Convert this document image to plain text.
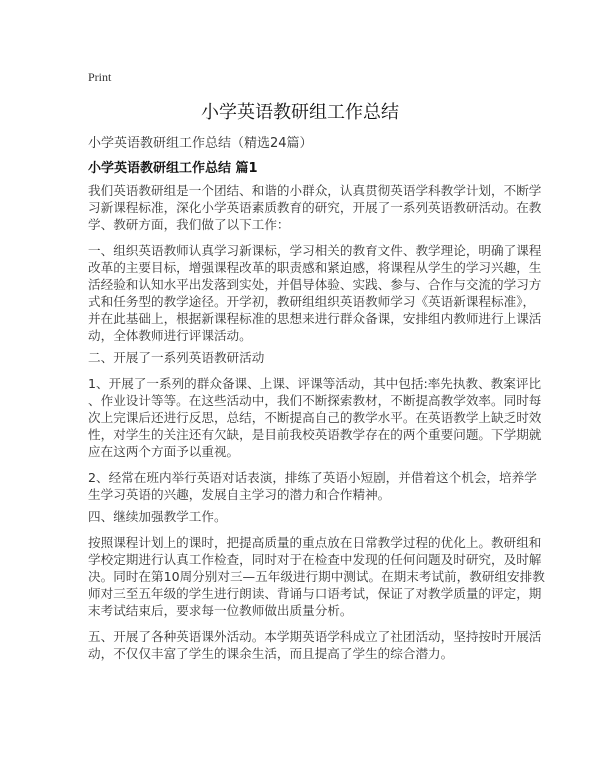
Print
小学英语教研组工作总结
小学英语教研组工作总结（精选24篇）
小学英语教研组工作总结 篇1
我们英语教研组是一个团结、和谐的小群众，认真贯彻英语学科教学计划，不断学
习新课程标准，深化小学英语素质教育的研究，开展了一系列英语教研活动。在教
学、教研方面，我们做了以下工作：
一、组织英语教师认真学习新课标，学习相关的教育文件、教学理论，明确了课程
改革的主要目标，增强课程改革的职责感和紧迫感，将课程从学生的学习兴趣，生
活经验和认知水平出发落到实处，并倡导体验、实践、参与、合作与交流的学习方
式和任务型的教学途径。开学初，教研组组织英语教师学习《英语新课程标准》，
并在此基础上，根据新课程标准的思想来进行群众备课，安排组内教师进行上课活
动，全体教师进行评课活动。
二、开展了一系列英语教研活动
1、开展了一系列的群众备课、上课、评课等活动，其中包括:率先执教、教案评比
、作业设计等等。在这些活动中，我们不断探索教材，不断提高教学效率。同时每
次上完课后还进行反思，总结，不断提高自己的教学水平。在英语教学上缺乏时效
性，对学生的关注还有欠缺，是目前我校英语教学存在的两个重要问题。下学期就
应在这两个方面予以重视。
2、经常在班内举行英语对话表演，排练了英语小短剧，并借着这个机会，培养学
生学习英语的兴趣，发展自主学习的潜力和合作精神。
四、继续加强教学工作。
按照课程计划上的课时，把提高质量的重点放在日常教学过程的优化上。教研组和
学校定期进行认真工作检查，同时对于在检查中发现的任何问题及时研究，及时解
决。同时在第10周分别对三—五年级进行期中测试。在期末考试前，教研组安排教
师对三至五年级的学生进行朗读、背诵与口语考试，保证了对教学质量的评定，期
末考试结束后，要求每一位教师做出质量分析。
五、开展了各种英语课外活动。本学期英语学科成立了社团活动，坚持按时开展活
动，不仅仅丰富了学生的课余生活，而且提高了学生的综合潜力。
